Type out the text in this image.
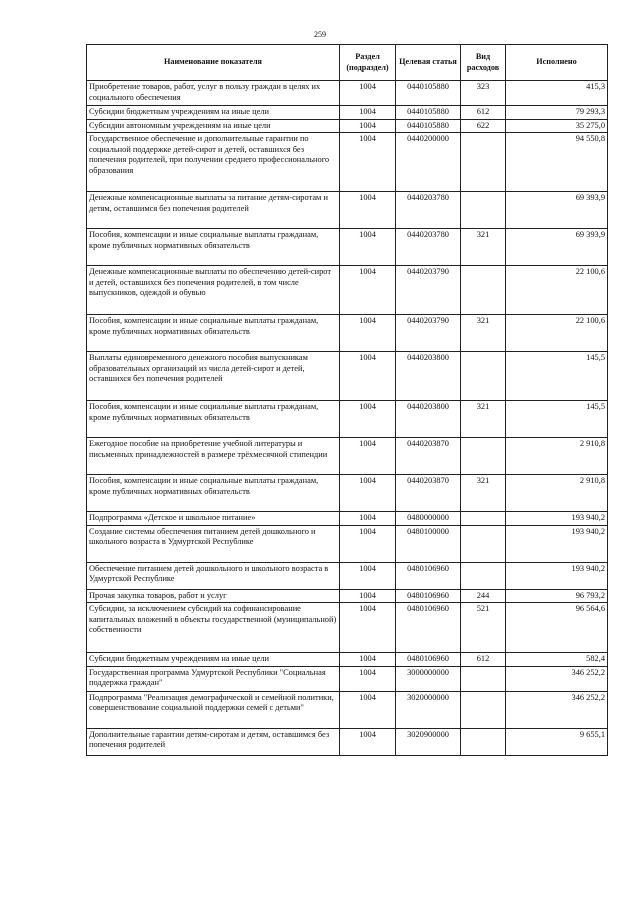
259
Наименование показателя	Раздел (подраздел)	Целевая статья	Вид расходов	Исполнено
Приобретение товаров, работ, услуг в пользу граждан в целях их социального обеспечения	1004	0440105880	323	415,3
Субсидии бюджетным учреждениям на иные цели	1004	0440105880	612	79 293,3
Субсидии автономным учреждениям на иные цели	1004	0440105880	622	35 275,0
Государственное обеспечение и дополнительные гарантии по социальной поддержке детей-сирот и детей, оставшихся без попечения родителей, при получении среднего профессионального образования	1004	0440200000		94 550,8
Денежные компенсационные выплаты за питание детям-сиротам и детям, оставшимся без попечения родителей	1004	0440203780		69 393,9
Пособия, компенсации и иные социальные выплаты гражданам, кроме публичных нормативных обязательств	1004	0440203780	321	69 393,9
Денежные компенсационные выплаты по обеспечению детей-сирот и детей, оставшихся без попечения родителей, в том числе выпускников, одеждой и обувью	1004	0440203790		22 100,6
Пособия, компенсации и иные социальные выплаты гражданам, кроме публичных нормативных обязательств	1004	0440203790	321	22 100,6
Выплаты единовременного денежного пособия выпускникам образовательных организаций из числа детей-сирот и детей, оставшихся без попечения родителей	1004	0440203800		145,5
Пособия, компенсации и иные социальные выплаты гражданам, кроме публичных нормативных обязательств	1004	0440203800	321	145,5
Ежегодное пособие на приобретение учебной литературы и письменных принадлежностей в размере трёхмесячной стипендии	1004	0440203870		2 910,8
Пособия, компенсации и иные социальные выплаты гражданам, кроме публичных нормативных обязательств	1004	0440203870	321	2 910,8
Подпрограмма «Детское и школьное питание»	1004	0480000000		193 940,2
Создание системы обеспечения питанием детей дошкольного и школьного возраста в Удмуртской Республике	1004	0480100000		193 940,2
Обеспечение питанием детей дошкольного и школьного возраста в Удмуртской Республике	1004	0480106960		193 940,2
Прочая закупка товаров, работ и услуг	1004	0480106960	244	96 793,2
Субсидии, за исключением субсидий на софинансирование капитальных вложений в объекты государственной (муниципальной) собственности	1004	0480106960	521	96 564,6
Субсидии бюджетным учреждениям на иные цели	1004	0480106960	612	582,4
Государственная программа Удмуртской Республики "Социальная поддержка граждан"	1004	3000000000		346 252,2
Подпрограмма "Реализация демографической и семейной политики, совершенствование социальной поддержки семей с детьми"	1004	3020000000		346 252,2
Дополнительные гарантии детям-сиротам и детям, оставшимся без попечения родителей	1004	3020900000		9 655,1
